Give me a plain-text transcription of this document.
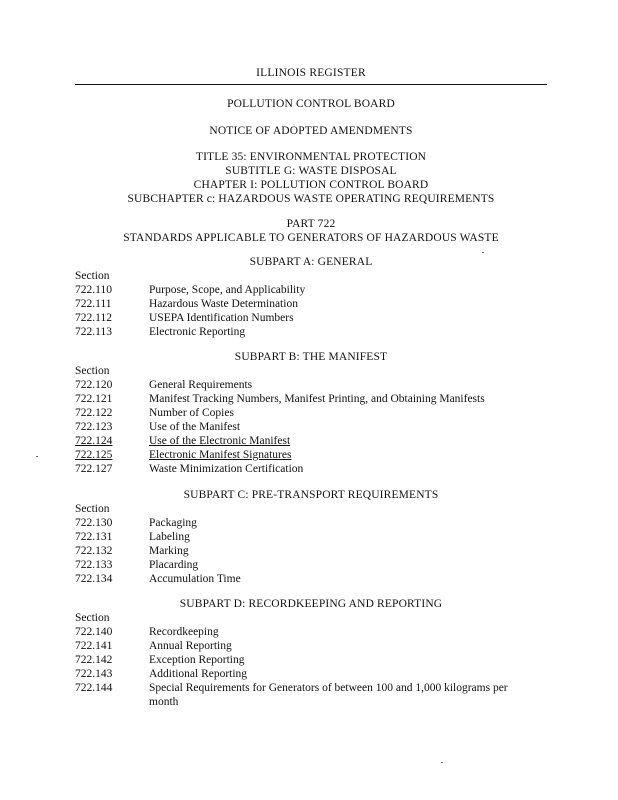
ILLINOIS REGISTER
POLLUTION CONTROL BOARD
NOTICE OF ADOPTED AMENDMENTS
TITLE 35: ENVIRONMENTAL PROTECTION
SUBTITLE G: WASTE DISPOSAL
CHAPTER I: POLLUTION CONTROL BOARD
SUBCHAPTER c: HAZARDOUS WASTE OPERATING REQUIREMENTS
PART 722
STANDARDS APPLICABLE TO GENERATORS OF HAZARDOUS WASTE
SUBPART A: GENERAL
Section
722.110	Purpose, Scope, and Applicability
722.111	Hazardous Waste Determination
722.112	USEPA Identification Numbers
722.113	Electronic Reporting
SUBPART B: THE MANIFEST
Section
722.120	General Requirements
722.121	Manifest Tracking Numbers, Manifest Printing, and Obtaining Manifests
722.122	Number of Copies
722.123	Use of the Manifest
722.124	Use of the Electronic Manifest
722.125	Electronic Manifest Signatures
722.127	Waste Minimization Certification
SUBPART C: PRE-TRANSPORT REQUIREMENTS
Section
722.130	Packaging
722.131	Labeling
722.132	Marking
722.133	Placarding
722.134	Accumulation Time
SUBPART D: RECORDKEEPING AND REPORTING
Section
722.140	Recordkeeping
722.141	Annual Reporting
722.142	Exception Reporting
722.143	Additional Reporting
722.144	Special Requirements for Generators of between 100 and 1,000 kilograms per month
